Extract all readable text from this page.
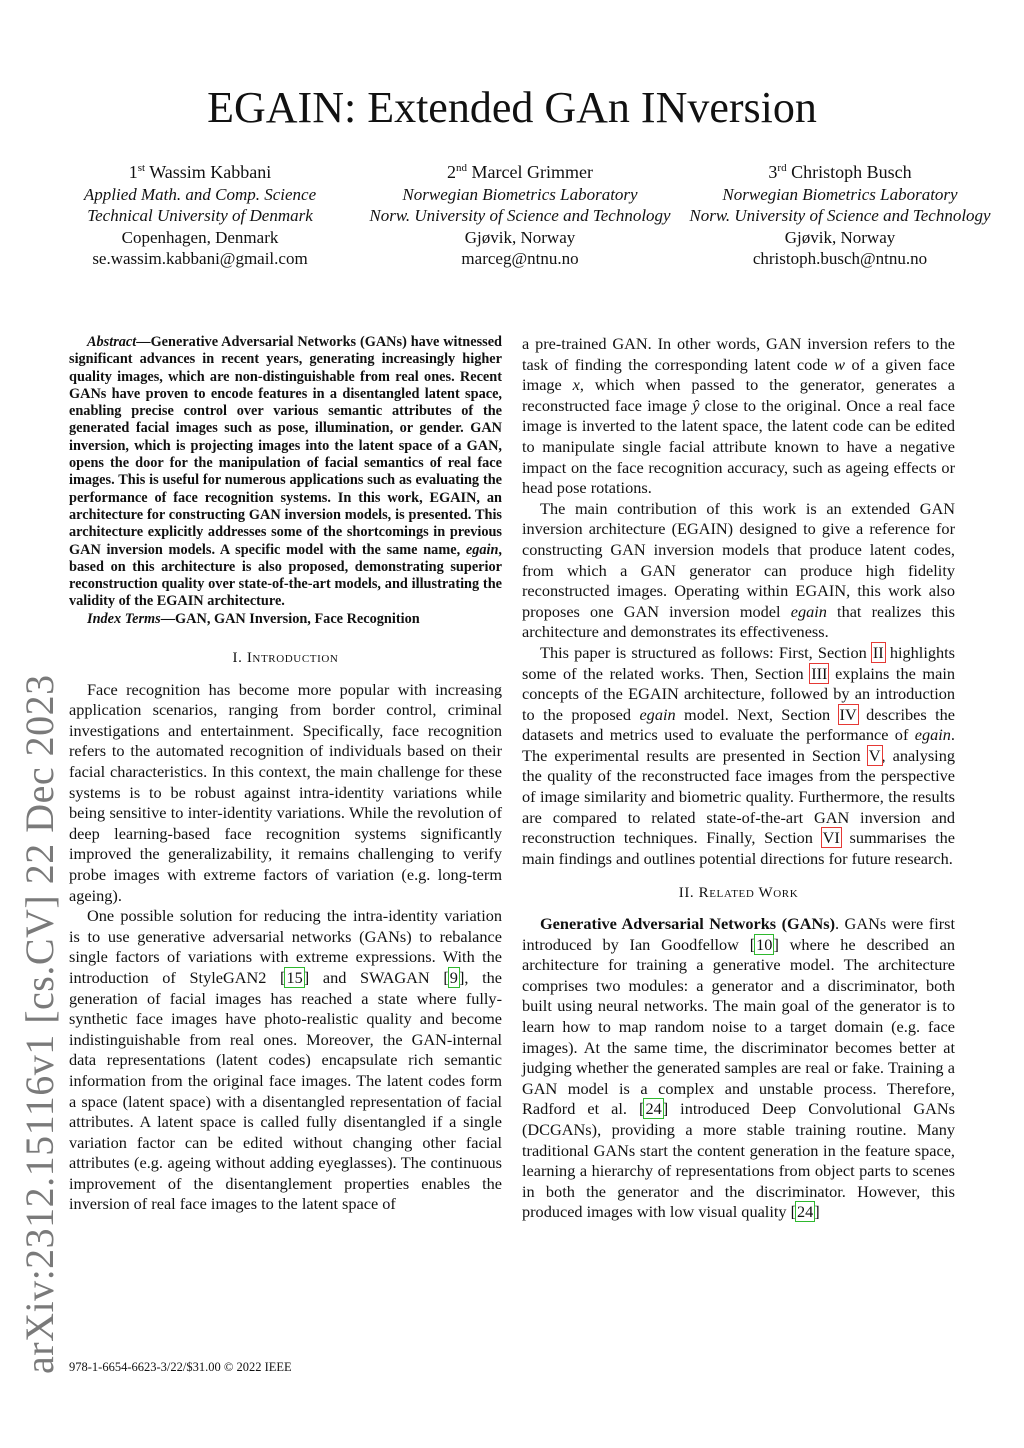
arXiv:2312.15116v1 [cs.CV] 22 Dec 2023
EGAIN: Extended GAn INversion
1st Wassim Kabbani
Applied Math. and Comp. Science
Technical University of Denmark
Copenhagen, Denmark
se.wassim.kabbani@gmail.com
2nd Marcel Grimmer
Norwegian Biometrics Laboratory
Norw. University of Science and Technology
Gjøvik, Norway
marceg@ntnu.no
3rd Christoph Busch
Norwegian Biometrics Laboratory
Norw. University of Science and Technology
Gjøvik, Norway
christoph.busch@ntnu.no

Abstract—Generative Adversarial Networks (GANs) have witnessed significant advances in recent years, generating increasingly higher quality images, which are non-distinguishable from real ones. Recent GANs have proven to encode features in a disentangled latent space, enabling precise control over various semantic attributes of the generated facial images such as pose, illumination, or gender. GAN inversion, which is projecting images into the latent space of a GAN, opens the door for the manipulation of facial semantics of real face images. This is useful for numerous applications such as evaluating the performance of face recognition systems. In this work, EGAIN, an architecture for constructing GAN inversion models, is presented. This architecture explicitly addresses some of the shortcomings in previous GAN inversion models. A specific model with the same name, egain, based on this architecture is also proposed, demonstrating superior reconstruction quality over state-of-the-art models, and illustrating the validity of the EGAIN architecture.

Index Terms—GAN, GAN Inversion, Face Recognition

I. Introduction

Face recognition has become more popular with increasing application scenarios, ranging from border control, criminal investigations and entertainment. Specifically, face recognition refers to the automated recognition of individuals based on their facial characteristics. In this context, the main challenge for these systems is to be robust against intra-identity variations while being sensitive to inter-identity variations. While the revolution of deep learning-based face recognition systems significantly improved the generalizability, it remains challenging to verify probe images with extreme factors of variation (e.g. long-term ageing).

One possible solution for reducing the intra-identity variation is to use generative adversarial networks (GANs) to rebalance single factors of variations with extreme expressions. With the introduction of StyleGAN2 [15] and SWAGAN [9], the generation of facial images has reached a state where fully-synthetic face images have photo-realistic quality and become indistinguishable from real ones. Moreover, the GAN-internal data representations (latent codes) encapsulate rich semantic information from the original face images. The latent codes form a space (latent space) with a disentangled representation of facial attributes. A latent space is called fully disentangled if a single variation factor can be edited without changing other facial attributes (e.g. ageing without adding eyeglasses). The continuous improvement of the disentanglement properties enables the inversion of real face images to the latent space of

a pre-trained GAN. In other words, GAN inversion refers to the task of finding the corresponding latent code w of a given face image x, which when passed to the generator, generates a reconstructed face image ŷ close to the original. Once a real face image is inverted to the latent space, the latent code can be edited to manipulate single facial attribute known to have a negative impact on the face recognition accuracy, such as ageing effects or head pose rotations.

The main contribution of this work is an extended GAN inversion architecture (EGAIN) designed to give a reference for constructing GAN inversion models that produce latent codes, from which a GAN generator can produce high fidelity reconstructed images. Operating within EGAIN, this work also proposes one GAN inversion model egain that realizes this architecture and demonstrates its effectiveness.

This paper is structured as follows: First, Section II highlights some of the related works. Then, Section III explains the main concepts of the EGAIN architecture, followed by an introduction to the proposed egain model. Next, Section IV describes the datasets and metrics used to evaluate the performance of egain. The experimental results are presented in Section V, analysing the quality of the reconstructed face images from the perspective of image similarity and biometric quality. Furthermore, the results are compared to related state-of-the-art GAN inversion and reconstruction techniques. Finally, Section VI summarises the main findings and outlines potential directions for future research.

II. Related Work

Generative Adversarial Networks (GANs). GANs were first introduced by Ian Goodfellow [10] where he described an architecture for training a generative model. The architecture comprises two modules: a generator and a discriminator, both built using neural networks. The main goal of the generator is to learn how to map random noise to a target domain (e.g. face images). At the same time, the discriminator becomes better at judging whether the generated samples are real or fake. Training a GAN model is a complex and unstable process. Therefore, Radford et al. [24] introduced Deep Convolutional GANs (DCGANs), providing a more stable training routine. Many traditional GANs start the content generation in the feature space, learning a hierarchy of representations from object parts to scenes in both the generator and the discriminator. However, this produced images with low visual quality [24]

978-1-6654-6623-3/22/$31.00 © 2022 IEEE
